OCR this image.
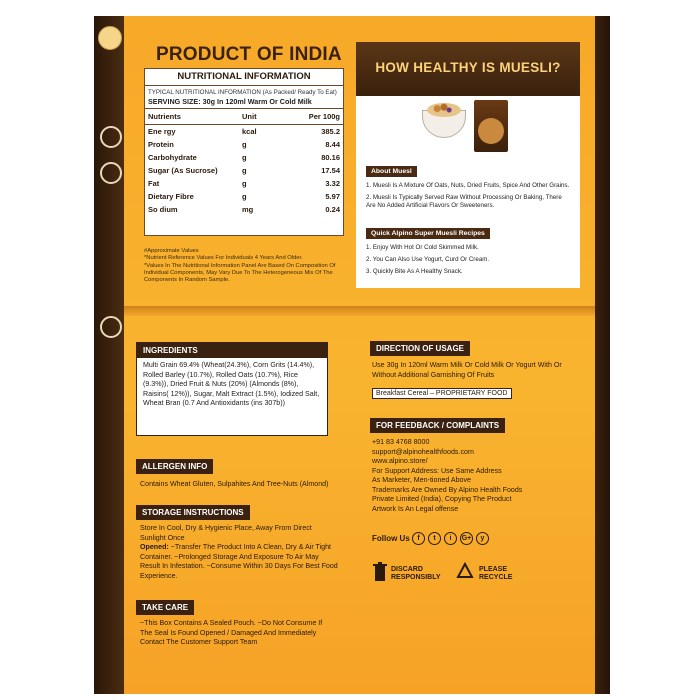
PRODUCT OF INDIA
NUTRITIONAL INFORMATION
TYPICAL NUTRITIONAL INFORMATION (As Packed/ Ready To Eat)
SERVING SIZE: 30g In 120ml Warm Or Cold Milk
Nutrients	Unit	Per 100g
Ene rgy	kcal	385.2
Protein	g	8.44
Carbohydrate	g	80.16
Sugar (As Sucrose)	g	17.54
Fat	g	3.32
Dietary Fibre	g	5.97
So dium	mg	0.24
#Approximate Values
*Nutrient Reference Values For Individuals 4 Years And Older.
*Values In The Nutritional Information Panel Are Based On Composition Of Individual Components, May Vary Due To The Heterogeneous Mix Of The Components In Random Sample.
HOW HEALTHY IS MUESLI?
About Muesl
1. Muesli Is A Mixture Of Oats, Nuts, Dried Fruits, Spice And Other Grains.
2. Muesli Is Typically Served Raw Without Processing Or Baking, There Are No Added Artificial Flavors Or Sweeteners.
Quick Alpino Super Muesli Recipes
1. Enjoy With Hot Or Cold Skimmed Milk.
2. You Can Also Use Yogurt, Curd Or Cream.
3. Quickly Bite As A Healthy Snack.
INGREDIENTS
Multi Grain 69.4% (Wheat(24.3%), Corn Grits (14.4%), Rolled Barley (10.7%), Rolled Oats (10.7%), Rice (9.3%)), Dried Fruit & Nuts (20%) (Almonds (8%), Raisins( 12%)), Sugar, Malt Extract (1.5%), Iodized Salt, Wheat Bran (0.7 And Antioxidants (ins 307b))
ALLERGEN INFO
Contains Wheat Gluten, Sulpahites And Tree-Nuts (Almond)
STORAGE INSTRUCTIONS
Store In Cool, Dry & Hygienic Place, Away From Direct Sunlight Once
Opened: ~Transfer The Product Into A Clean, Dry & Air Tight Container. ~Prolonged Storage And Exposure To Air May Result In Infestation. ~Consume Within 30 Days For Best Food Experience.
TAKE CARE
~This Box Contains A Sealed Pouch. ~Do Not Consume If The Seal Is Found Opened / Damaged And Immediately Contact The Customer Support Team
DIRECTION OF USAGE
Use 30g In 120ml Warm Milk Or Cold Milk Or Yogurt With Or Without Additional Garnishing Of Fruits
Breakfast Cereal – PROPRIETARY FOOD
FOR FEEDBACK / COMPLAINTS
+91 83 4768 8000
support@alpinohealthfoods.com
www.alpino.store/
For Support Address: Use Same Address
As Marketer, Men-tioned Above
Trademarks Are Owned By Alpino Health Foods
Private Limited (India), Copying The Product
Artwork Is An Legal offense
Follow Us	f	t	i	G+	y
DISCARD
RESPONSIBLY
PLEASE
RECYCLE
